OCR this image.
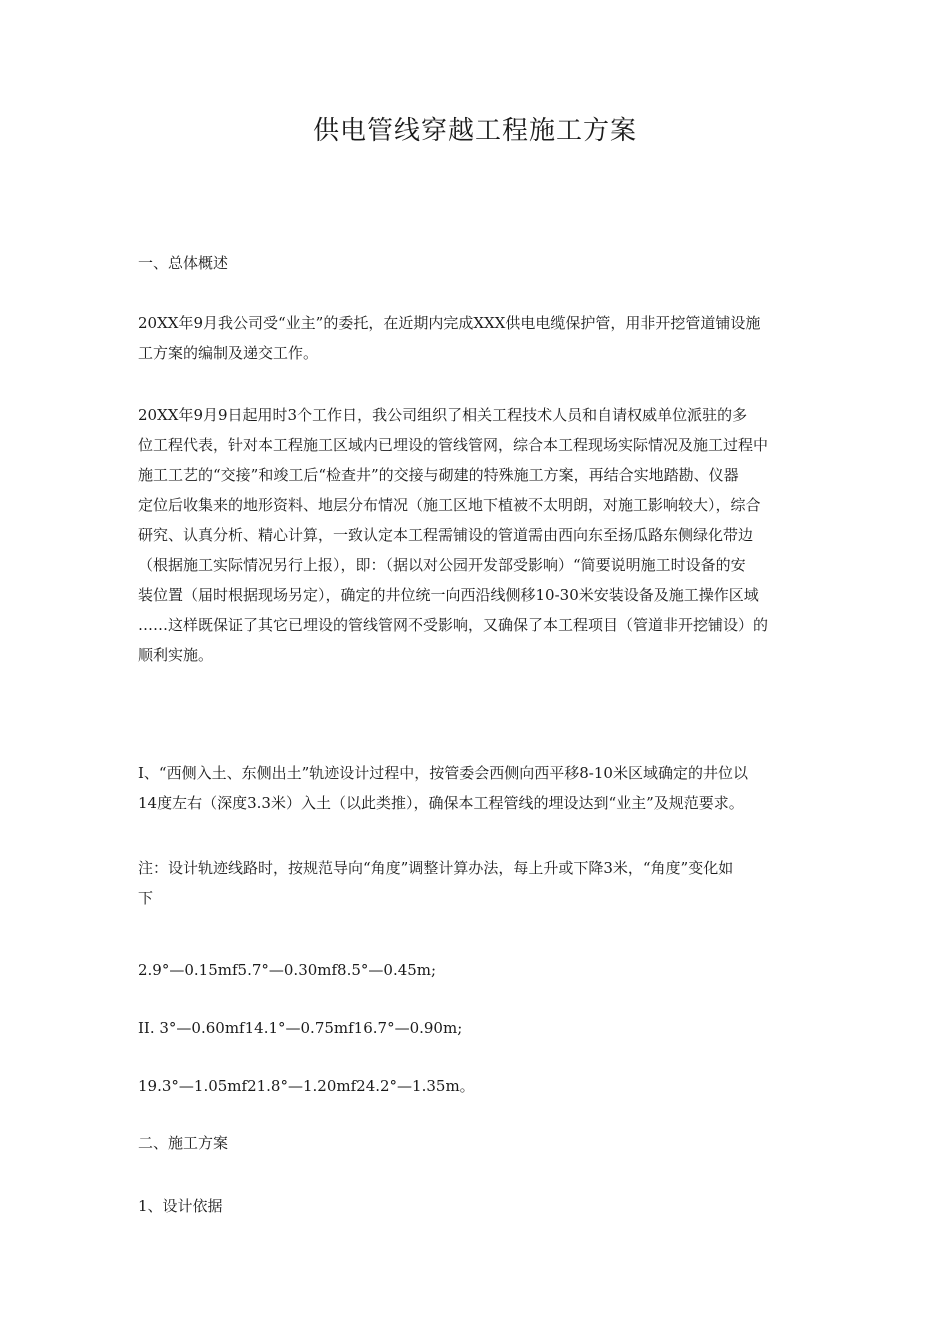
供电管线穿越工程施工方案

一、总体概述

20XX年9月我公司受“业主”的委托，在近期内完成XXX供电电缆保护管，用非开挖管道铺设施

工方案的编制及递交工作。

20XX年9月9日起用时3个工作日，我公司组织了相关工程技术人员和自请权威单位派驻的多

位工程代表，针对本工程施工区域内已埋设的管线管网，综合本工程现场实际情况及施工过程中

施工工艺的“交接”和竣工后“检查井”的交接与砌建的特殊施工方案，再结合实地踏勘、仪器

定位后收集来的地形资料、地层分布情况（施工区地下植被不太明朗，对施工影响较大），综合

研究、认真分析、精心计算，一致认定本工程需铺设的管道需由西向东至扬瓜路东侧绿化带边

（根据施工实际情况另行上报），即：（据以对公园开发部受影响）“简要说明施工时设备的安

装位置（届时根据现场另定），确定的井位统一向西沿线侧移10-30米安装设备及施工操作区域

……这样既保证了其它已埋设的管线管网不受影响，又确保了本工程项目（管道非开挖铺设）的

顺利实施。

I、“西侧入土、东侧出土”轨迹设计过程中，按管委会西侧向西平移8-10米区域确定的井位以

14度左右（深度3.3米）入土（以此类推），确保本工程管线的埋设达到“业主”及规范要求。

注：设计轨迹线路时，按规范导向“角度”调整计算办法，每上升或下降3米，“角度”变化如

下

2.9°—0.15mf5.7°—0.30mf8.5°—0.45m;

II. 3°—0.60mf14.1°—0.75mf16.7°—0.90m;

19.3°—1.05mf21.8°—1.20mf24.2°—1.35m。

二、施工方案

1、设计依据
